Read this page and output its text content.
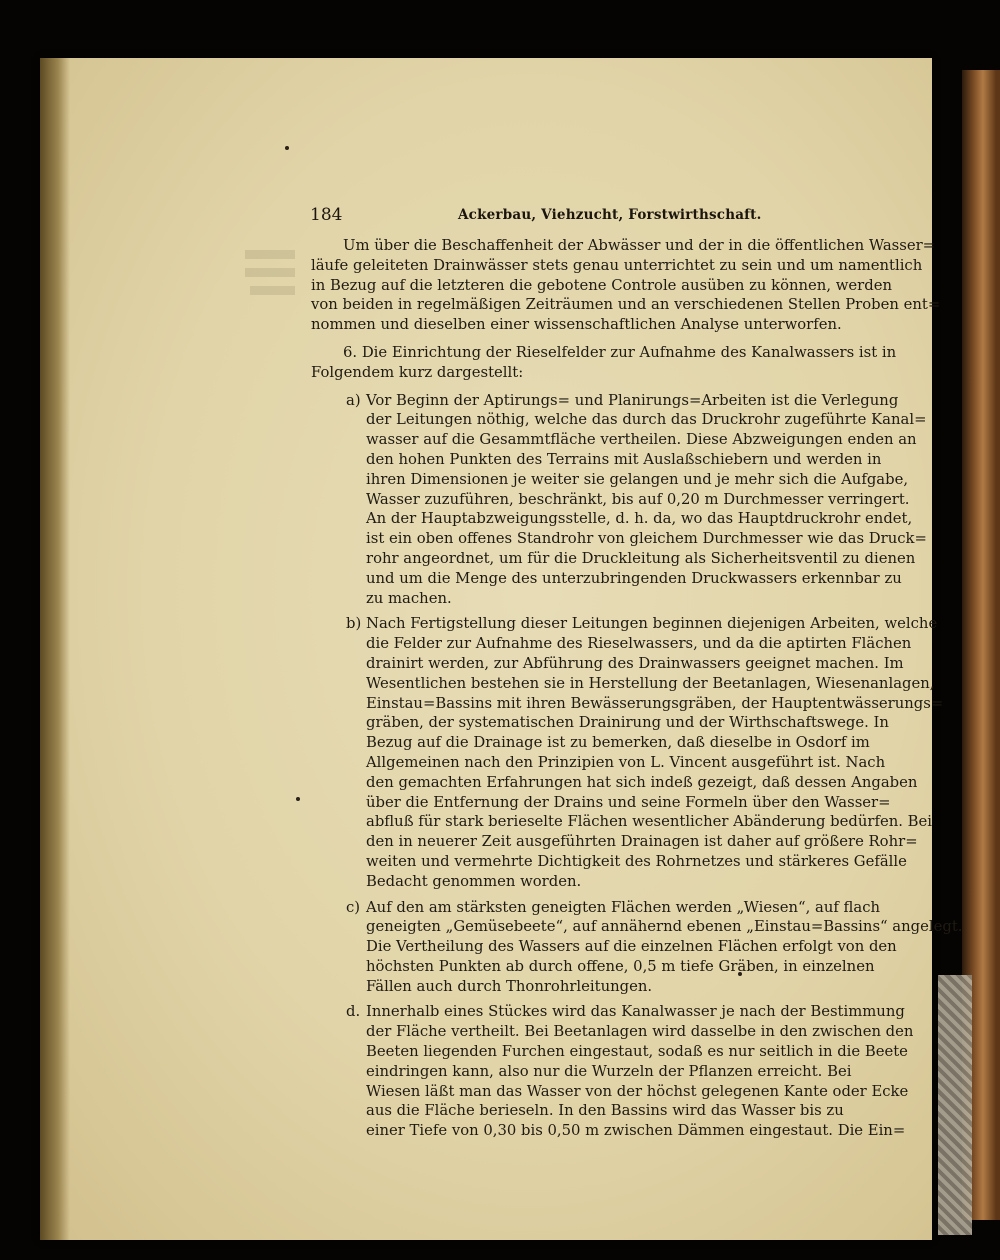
184	Ackerbau, Viehzucht, Forstwirthschaft.
Um über die Beschaffenheit der Abwässer und der in die öffentlichen Wasser=
läufe geleiteten Drainwässer stets genau unterrichtet zu sein und um namentlich
in Bezug auf die letzteren die gebotene Controle ausüben zu können, werden
von beiden in regelmäßigen Zeiträumen und an verschiedenen Stellen Proben ent=
nommen und dieselben einer wissenschaftlichen Analyse unterworfen.
6. Die Einrichtung der Rieselfelder zur Aufnahme des Kanalwassers ist in
Folgendem kurz dargestellt:
a) Vor Beginn der Aptirungs= und Planirungs=Arbeiten ist die Verlegung
der Leitungen nöthig, welche das durch das Druckrohr zugeführte Kanal=
wasser auf die Gesammtfläche vertheilen. Diese Abzweigungen enden an
den hohen Punkten des Terrains mit Auslaßschiebern und werden in
ihren Dimensionen je weiter sie gelangen und je mehr sich die Aufgabe,
Wasser zuzuführen, beschränkt, bis auf 0,20 m Durchmesser verringert.
An der Hauptabzweigungsstelle, d. h. da, wo das Hauptdruckrohr endet,
ist ein oben offenes Standrohr von gleichem Durchmesser wie das Druck=
rohr angeordnet, um für die Druckleitung als Sicherheitsventil zu dienen
und um die Menge des unterzubringenden Druckwassers erkennbar zu
zu machen.
b) Nach Fertigstellung dieser Leitungen beginnen diejenigen Arbeiten, welche
die Felder zur Aufnahme des Rieselwassers, und da die aptirten Flächen
drainirt werden, zur Abführung des Drainwassers geeignet machen. Im
Wesentlichen bestehen sie in Herstellung der Beetanlagen, Wiesenanlagen,
Einstau=Bassins mit ihren Bewässerungsgräben, der Hauptentwässerungs=
gräben, der systematischen Drainirung und der Wirthschaftswege. In
Bezug auf die Drainage ist zu bemerken, daß dieselbe in Osdorf im
Allgemeinen nach den Prinzipien von L. Vincent ausgeführt ist. Nach
den gemachten Erfahrungen hat sich indeß gezeigt, daß dessen Angaben
über die Entfernung der Drains und seine Formeln über den Wasser=
abfluß für stark berieselte Flächen wesentlicher Abänderung bedürfen. Bei
den in neuerer Zeit ausgeführten Drainagen ist daher auf größere Rohr=
weiten und vermehrte Dichtigkeit des Rohrnetzes und stärkeres Gefälle
Bedacht genommen worden.
c) Auf den am stärksten geneigten Flächen werden „Wiesen“, auf flach
geneigten „Gemüsebeete“, auf annähernd ebenen „Einstau=Bassins“ angelegt.
Die Vertheilung des Wassers auf die einzelnen Flächen erfolgt von den
höchsten Punkten ab durch offene, 0,5 m tiefe Gräben, in einzelnen
Fällen auch durch Thonrohrleitungen.
d. Innerhalb eines Stückes wird das Kanalwasser je nach der Bestimmung
der Fläche vertheilt. Bei Beetanlagen wird dasselbe in den zwischen den
Beeten liegenden Furchen eingestaut, sodaß es nur seitlich in die Beete
eindringen kann, also nur die Wurzeln der Pflanzen erreicht. Bei
Wiesen läßt man das Wasser von der höchst gelegenen Kante oder Ecke
aus die Fläche berieseln. In den Bassins wird das Wasser bis zu
einer Tiefe von 0,30 bis 0,50 m zwischen Dämmen eingestaut. Die Ein=
